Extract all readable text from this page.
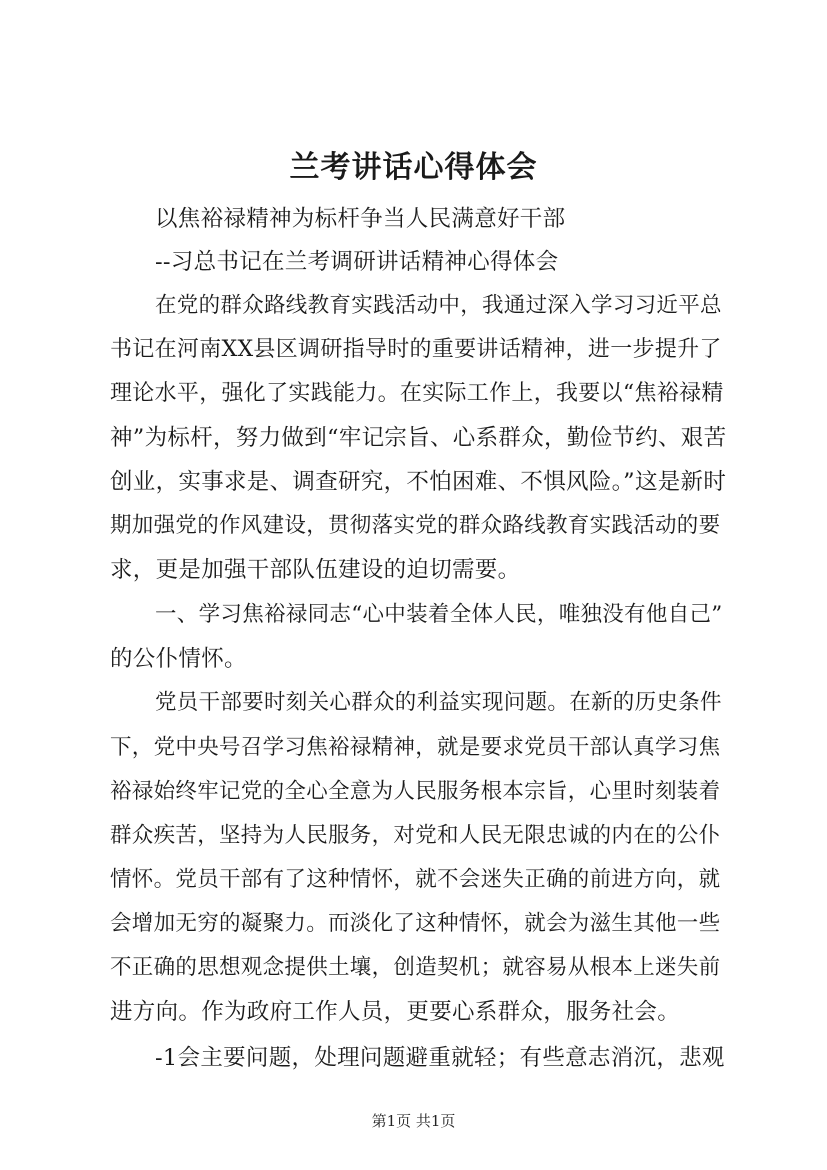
兰考讲话心得体会
以焦裕禄精神为标杆争当人民满意好干部
--习总书记在兰考调研讲话精神心得体会
在党的群众路线教育实践活动中，我通过深入学习习近平总
书记在河南XX县区调研指导时的重要讲话精神，进一步提升了
理论水平，强化了实践能力。在实际工作上，我要以“焦裕禄精
神”为标杆，努力做到“牢记宗旨、心系群众，勤俭节约、艰苦
创业，实事求是、调查研究，不怕困难、不惧风险。”这是新时
期加强党的作风建设，贯彻落实党的群众路线教育实践活动的要
求，更是加强干部队伍建设的迫切需要。
一、学习焦裕禄同志“心中装着全体人民，唯独没有他自己”
的公仆情怀。
党员干部要时刻关心群众的利益实现问题。在新的历史条件
下，党中央号召学习焦裕禄精神，就是要求党员干部认真学习焦
裕禄始终牢记党的全心全意为人民服务根本宗旨，心里时刻装着
群众疾苦，坚持为人民服务，对党和人民无限忠诚的内在的公仆
情怀。党员干部有了这种情怀，就不会迷失正确的前进方向，就
会增加无穷的凝聚力。而淡化了这种情怀，就会为滋生其他一些
不正确的思想观念提供土壤，创造契机；就容易从根本上迷失前
进方向。作为政府工作人员，更要心系群众，服务社会。
-1会主要问题，处理问题避重就轻；有些意志消沉，悲观
第1页 共1页
